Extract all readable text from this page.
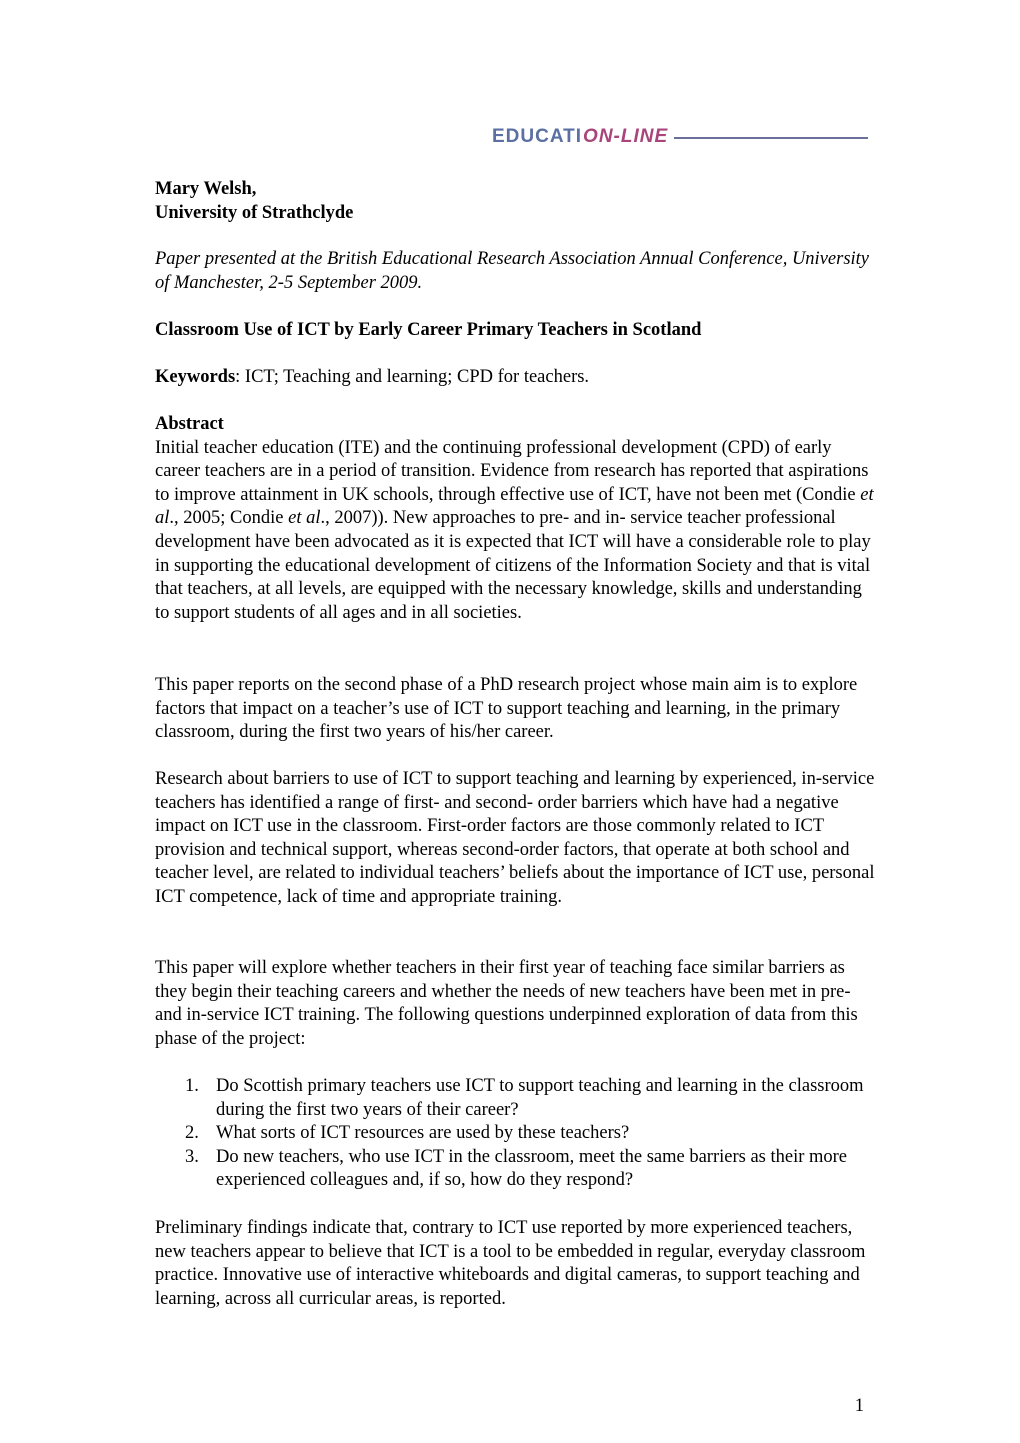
EDUCATI ON-LINE
Mary Welsh,
University of Strathclyde

Paper presented at the British Educational Research Association Annual Conference, University of Manchester, 2-5 September 2009.

Classroom Use of ICT by Early Career Primary Teachers in Scotland

Keywords: ICT; Teaching and learning; CPD for teachers.

Abstract

Initial teacher education (ITE) and the continuing professional development (CPD) of early career teachers are in a period of transition. Evidence from research has reported that aspirations to improve attainment in UK schools, through effective use of ICT, have not been met (Condie et al., 2005; Condie et al., 2007)). New approaches to pre- and in- service teacher professional development have been advocated as it is expected that ICT will have a considerable role to play in supporting the educational development of citizens of the Information Society and that is vital that teachers, at all levels, are equipped with the necessary knowledge, skills and understanding to support students of all ages and in all societies.

This paper reports on the second phase of a PhD research project whose main aim is to explore factors that impact on a teacher’s use of ICT to support teaching and learning, in the primary classroom, during the first two years of his/her career.

Research about barriers to use of ICT to support teaching and learning by experienced, in-service teachers has identified a range of first- and second- order barriers which have had a negative impact on ICT use in the classroom. First-order factors are those commonly related to ICT provision and technical support, whereas second-order factors, that operate at both school and teacher level, are related to individual teachers’ beliefs about the importance of ICT use, personal ICT competence, lack of time and appropriate training.

This paper will explore whether teachers in their first year of teaching face similar barriers as they begin their teaching careers and whether the needs of new teachers have been met in pre-and in-service ICT training. The following questions underpinned exploration of data from this phase of the project:

1. Do Scottish primary teachers use ICT to support teaching and learning in the classroom during the first two years of their career?
2. What sorts of ICT resources are used by these teachers?
3. Do new teachers, who use ICT in the classroom, meet the same barriers as their more experienced colleagues and, if so, how do they respond?

Preliminary findings indicate that, contrary to ICT use reported by more experienced teachers, new teachers appear to believe that ICT is a tool to be embedded in regular, everyday classroom practice. Innovative use of interactive whiteboards and digital cameras, to support teaching and learning, across all curricular areas, is reported.

1
